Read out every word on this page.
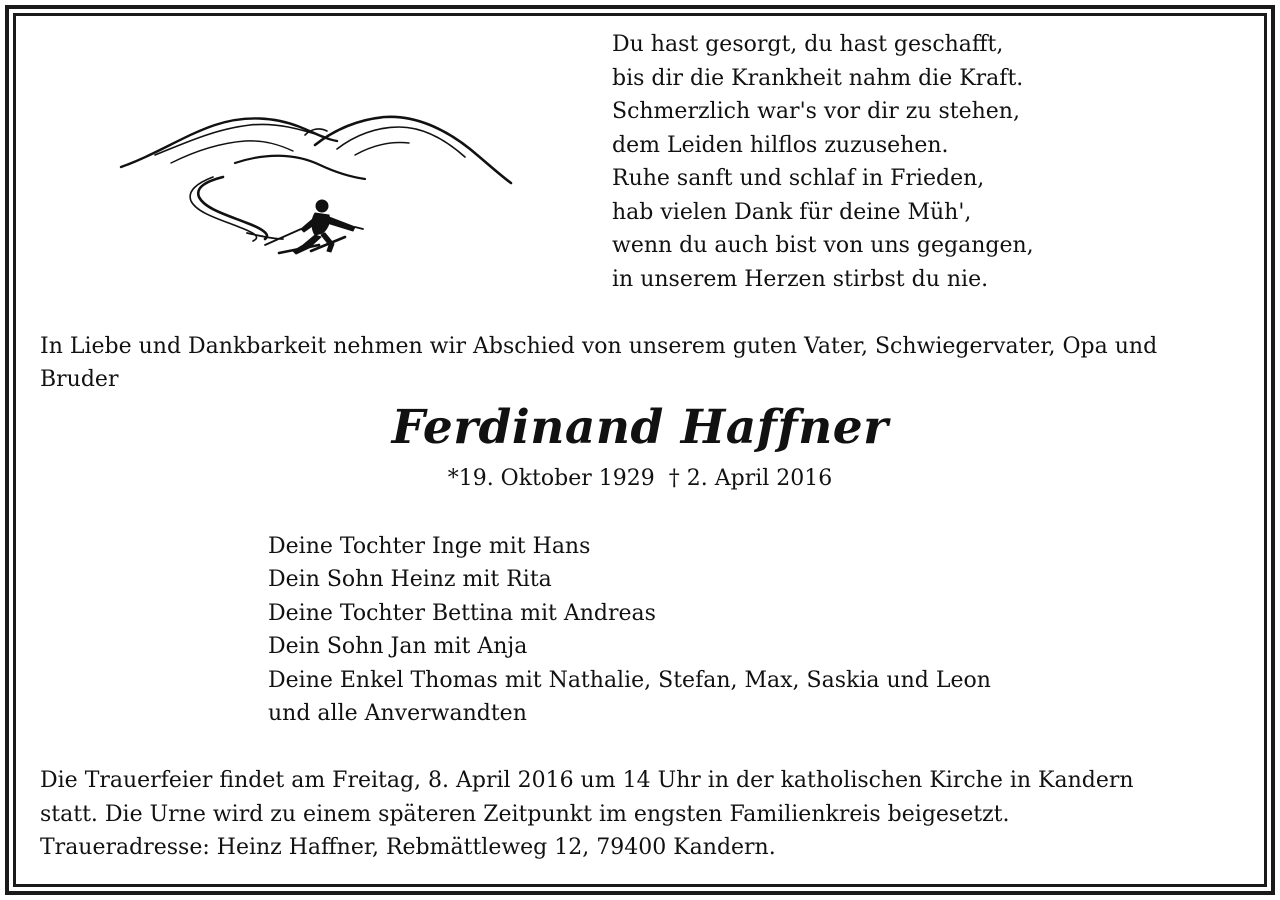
Du hast gesorgt, du hast geschafft,
bis dir die Krankheit nahm die Kraft.
Schmerzlich war's vor dir zu stehen,
dem Leiden hilflos zuzusehen.
Ruhe sanft und schlaf in Frieden,
hab vielen Dank für deine Müh',
wenn du auch bist von uns gegangen,
in unserem Herzen stirbst du nie.
In Liebe und Dankbarkeit nehmen wir Abschied von unserem guten Vater, Schwiegervater, Opa und Bruder
Ferdinand Haffner
*19. Oktober 1929 † 2. April 2016
Deine Tochter Inge mit Hans
Dein Sohn Heinz mit Rita
Deine Tochter Bettina mit Andreas
Dein Sohn Jan mit Anja
Deine Enkel Thomas mit Nathalie, Stefan, Max, Saskia und Leon
und alle Anverwandten
Die Trauerfeier findet am Freitag, 8. April 2016 um 14 Uhr in der katholischen Kirche in Kandern
statt. Die Urne wird zu einem späteren Zeitpunkt im engsten Familienkreis beigesetzt.
Traueradresse: Heinz Haffner, Rebmättleweg 12, 79400 Kandern.
